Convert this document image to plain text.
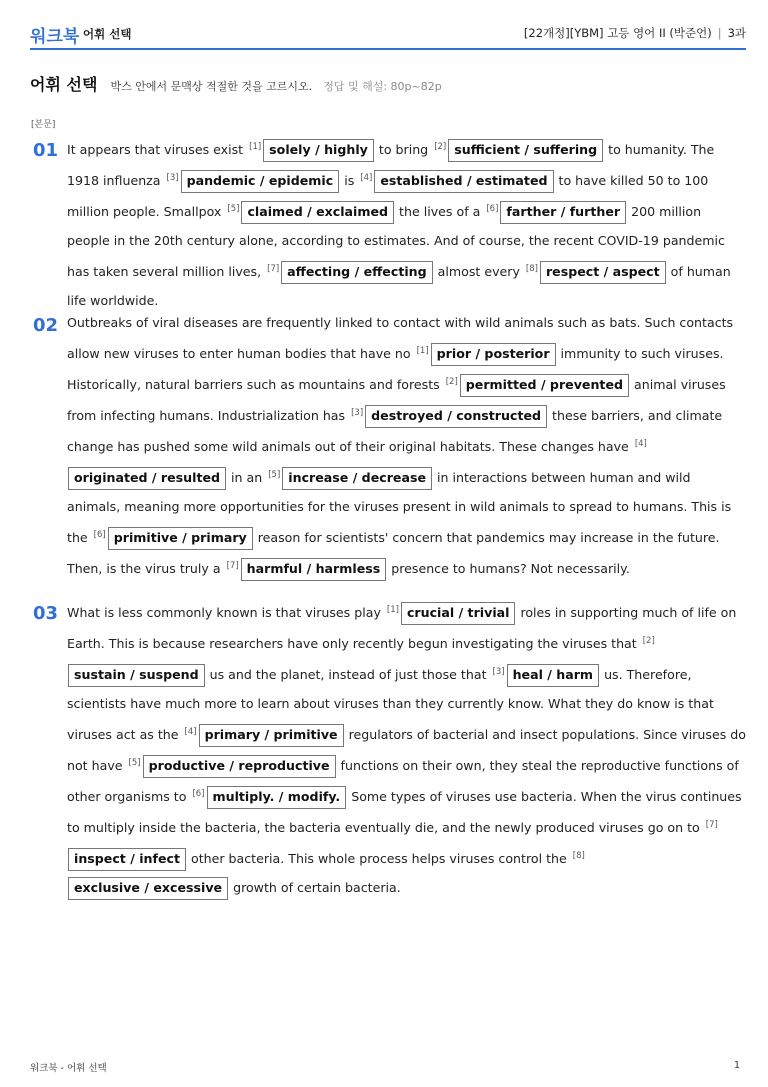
워크북 어휘 선택	[22개정][YBM] 고등 영어 II (박준언) | 3과
어휘 선택 박스 안에서 문맥상 적절한 것을 고르시오. 정답 및 해설: 80p~82p
[본문]
01 It appears that viruses exist [1] solely / highly to bring [2] sufficient / suffering to humanity. The 1918 influenza [3] pandemic / epidemic is [4] established / estimated to have killed 50 to 100 million people. Smallpox [5] claimed / exclaimed the lives of a [6] farther / further 200 million people in the 20th century alone, according to estimates. And of course, the recent COVID-19 pandemic has taken several million lives, [7] affecting / effecting almost every [8] respect / aspect of human life worldwide.
02 Outbreaks of viral diseases are frequently linked to contact with wild animals such as bats. Such contacts allow new viruses to enter human bodies that have no [1] prior / posterior immunity to such viruses. Historically, natural barriers such as mountains and forests [2] permitted / prevented animal viruses from infecting humans. Industrialization has [3] destroyed / constructed these barriers, and climate change has pushed some wild animals out of their original habitats. These changes have [4]originated / resulted in an [5] increase / decrease in interactions between human and wild animals, meaning more opportunities for the viruses present in wild animals to spread to humans. This is the [6] primitive / primary reason for scientists' concern that pandemics may increase in the future. Then, is the virus truly a [7] harmful / harmless presence to humans? Not necessarily.
03 What is less commonly known is that viruses play [1] crucial / trivial roles in supporting much of life on Earth. This is because researchers have only recently begun investigating the viruses that [2]sustain / suspend us and the planet, instead of just those that [3] heal / harm us. Therefore, scientists have much more to learn about viruses than they currently know. What they do know is that viruses act as the [4] primary / primitive regulators of bacterial and insect populations. Since viruses do not have [5] productive / reproductive functions on their own, they steal the reproductive functions of other organisms to [6] multiply. / modify. Some types of viruses use bacteria. When the virus continues to multiply inside the bacteria, the bacteria eventually die, and the newly produced viruses go on to [7]inspect / infect other bacteria. This whole process helps viruses control the [8]exclusive / excessive growth of certain bacteria.
워크북 - 어휘 선택	1
